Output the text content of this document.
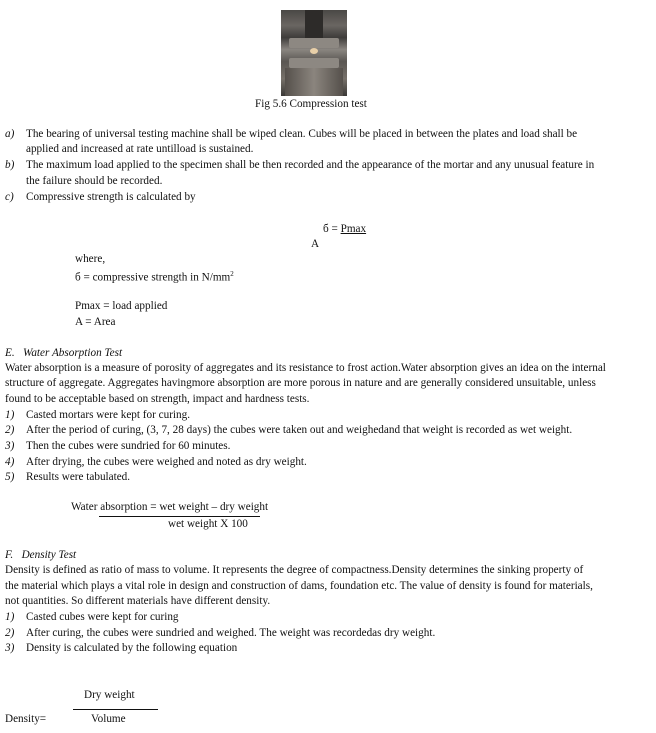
Fig 5.6 Compression test
a) The bearing of universal testing machine shall be wiped clean. Cubes will be placed in between the plates and load shall be
applied and increased at rate untilload is sustained.
b) The maximum load applied to the specimen shall be then recorded and the appearance of the mortar and any unusual feature in
the failure should be recorded.
c) Compressive strength is calculated by
б = Pmax
A
where,
б = compressive strength in $N/mm^2$
Pmax = load applied
A = Area
E. Water Absorption Test
Water absorption is a measure of porosity of aggregates and its resistance to frost action.Water absorption gives an idea on the internal
structure of aggregate. Aggregates havingmore absorption are more porous in nature and are generally considered unsuitable, unless
found to be acceptable based on strength, impact and hardness tests.
1) Casted mortars were kept for curing.
2) After the period of curing, (3, 7, 28 days) the cubes were taken out and weighedand that weight is recorded as wet weight.
3) Then the cubes were sundried for 60 minutes.
4) After drying, the cubes were weighed and noted as dry weight.
5) Results were tabulated.
Water absorption = wet weight – dry weight
wet weight X 100
F. Density Test
Density is defined as ratio of mass to volume. It represents the degree of compactness.Density determines the sinking property of
the material which plays a vital role in design and construction of dams, foundation etc. The value of density is found for materials,
not quantities. So different materials have different density.
1) Casted cubes were kept for curing
2) After curing, the cubes were sundried and weighed. The weight was recordedas dry weight.
3) Density is calculated by the following equation
Dry weight
Density=	Volume
